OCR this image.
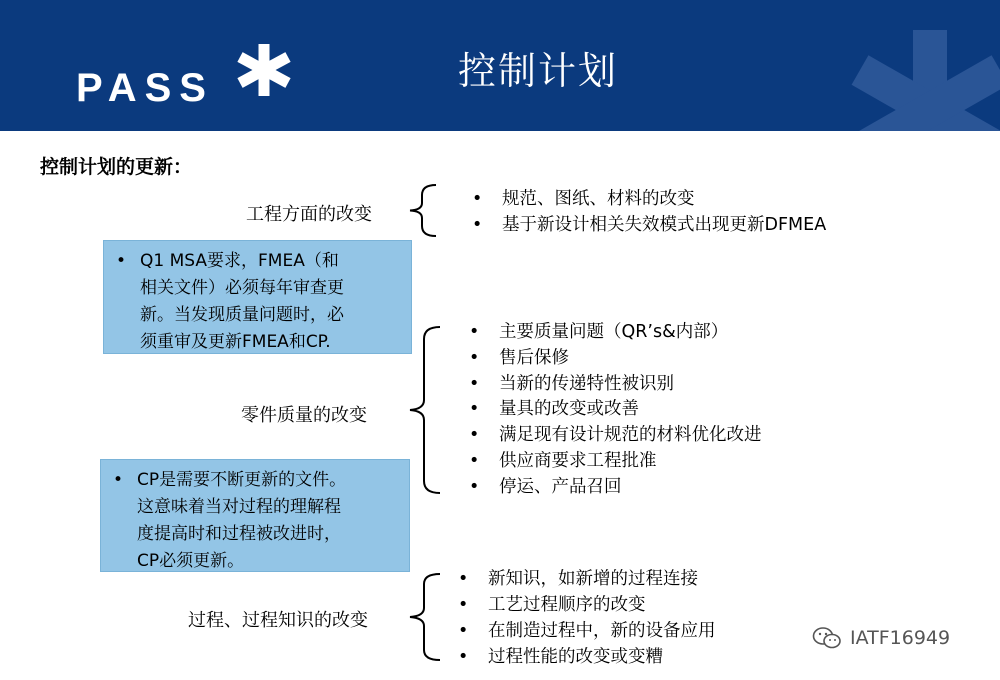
PASS	控制计划
控制计划的更新：
工程方面的改变
• 规范、图纸、材料的改变
• 基于新设计相关失效模式出现更新DFMEA
• Q1 MSA要求，FMEA（和
相关文件）必须每年审查更
新。当发现质量问题时，必
须重审及更新FMEA和CP.
零件质量的改变
• 主要质量问题（QR’s&内部）
• 售后保修
• 当新的传递特性被识别
• 量具的改变或改善
• 满足现有设计规范的材料优化改进
• 供应商要求工程批准
• 停运、产品召回
• CP是需要不断更新的文件。
这意味着当对过程的理解程
度提高时和过程被改进时，
CP必须更新。
过程、过程知识的改变
• 新知识，如新增的过程连接
• 工艺过程顺序的改变
• 在制造过程中，新的设备应用
• 过程性能的改变或变糟
IATF16949
